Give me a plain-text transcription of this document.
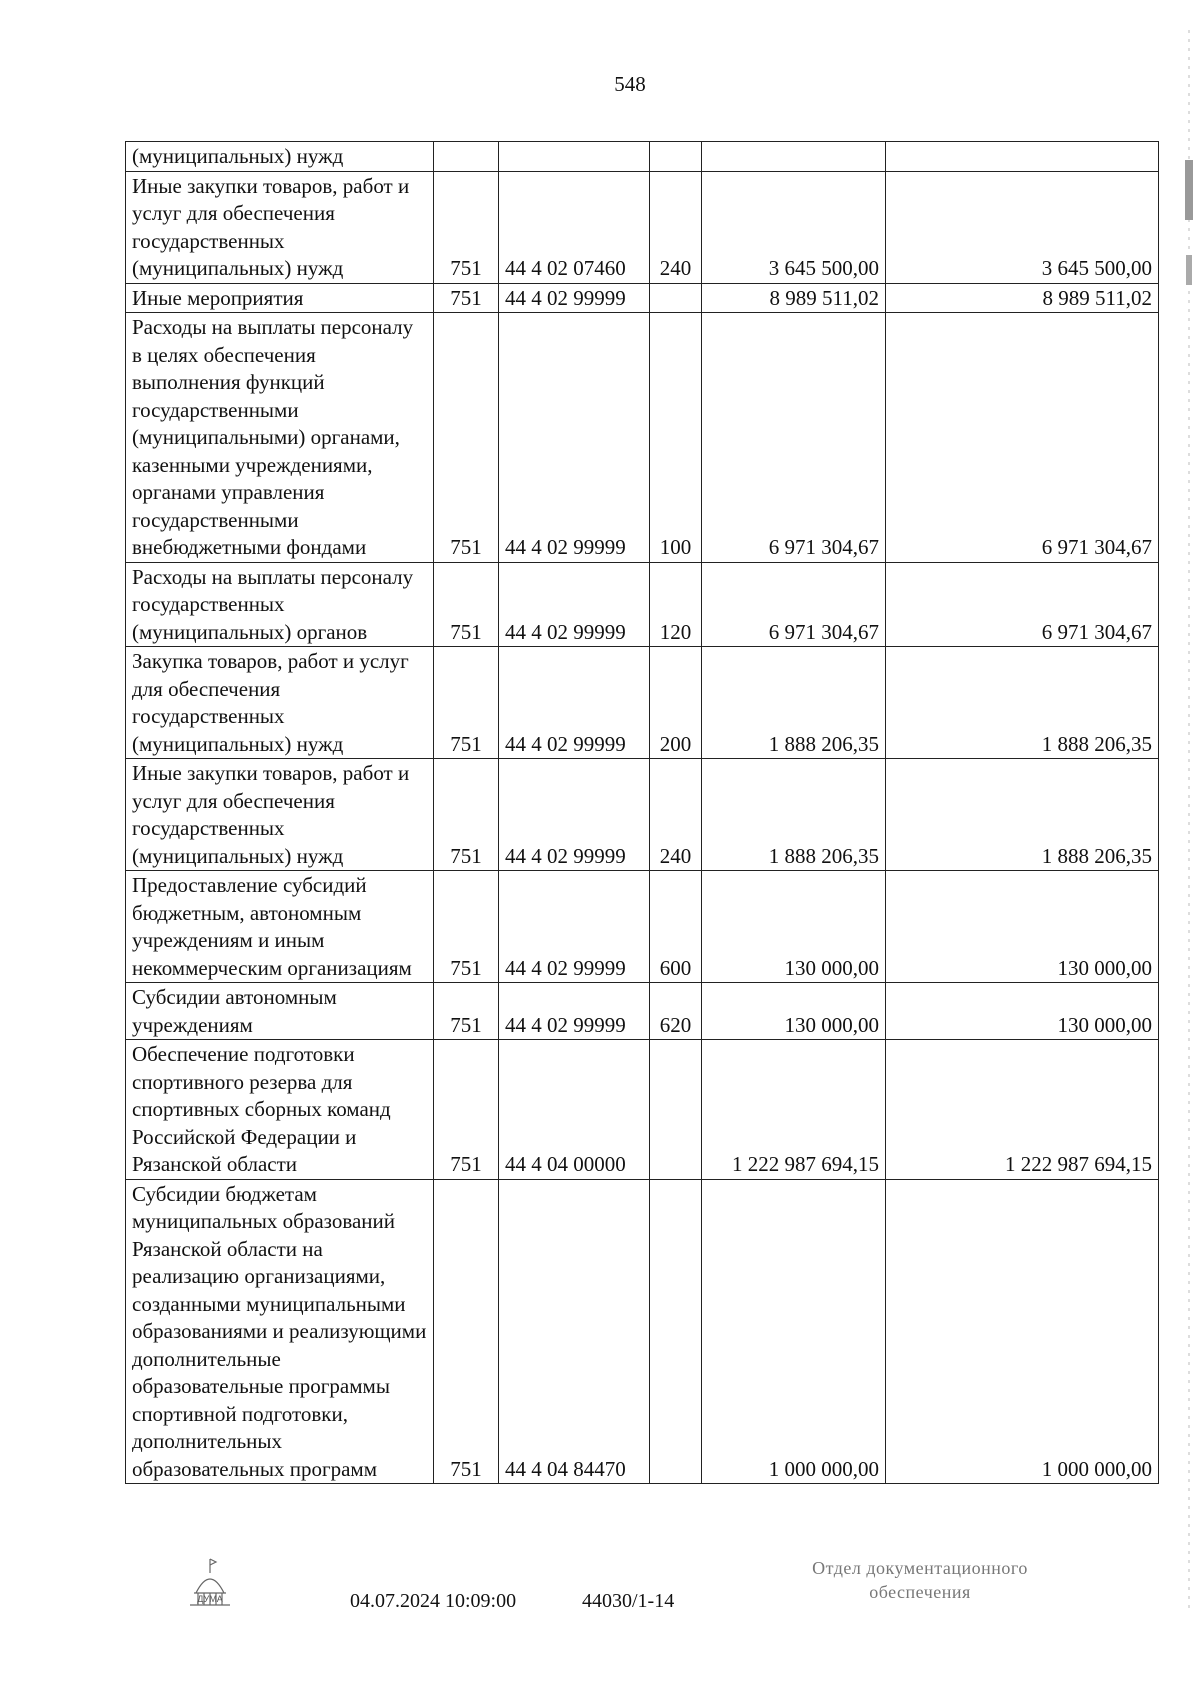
548
(муниципальных) нужд					
Иные закупки товаров, работ и услуг для обеспечения государственных (муниципальных) нужд	751	44 4 02 07460	240	3 645 500,00	3 645 500,00
Иные мероприятия	751	44 4 02 99999		8 989 511,02	8 989 511,02
Расходы на выплаты персоналу в целях обеспечения выполнения функций государственными (муниципальными) органами, казенными учреждениями, органами управления государственными внебюджетными фондами	751	44 4 02 99999	100	6 971 304,67	6 971 304,67
Расходы на выплаты персоналу государственных (муниципальных) органов	751	44 4 02 99999	120	6 971 304,67	6 971 304,67
Закупка товаров, работ и услуг для обеспечения государственных (муниципальных) нужд	751	44 4 02 99999	200	1 888 206,35	1 888 206,35
Иные закупки товаров, работ и услуг для обеспечения государственных (муниципальных) нужд	751	44 4 02 99999	240	1 888 206,35	1 888 206,35
Предоставление субсидий бюджетным, автономным учреждениям и иным некоммерческим организациям	751	44 4 02 99999	600	130 000,00	130 000,00
Субсидии автономным учреждениям	751	44 4 02 99999	620	130 000,00	130 000,00
Обеспечение подготовки спортивного резерва для спортивных сборных команд Российской Федерации и Рязанской области	751	44 4 04 00000		1 222 987 694,15	1 222 987 694,15
Субсидии бюджетам муниципальных образований Рязанской области на реализацию организациями, созданными муниципальными образованиями и реализующими дополнительные образовательные программы спортивной подготовки, дополнительных образовательных программ	751	44 4 04 84470		1 000 000,00	1 000 000,00
ДУМА	04.07.2024 10:09:00	44030/1-14
Отдел документационного
обеспечения
